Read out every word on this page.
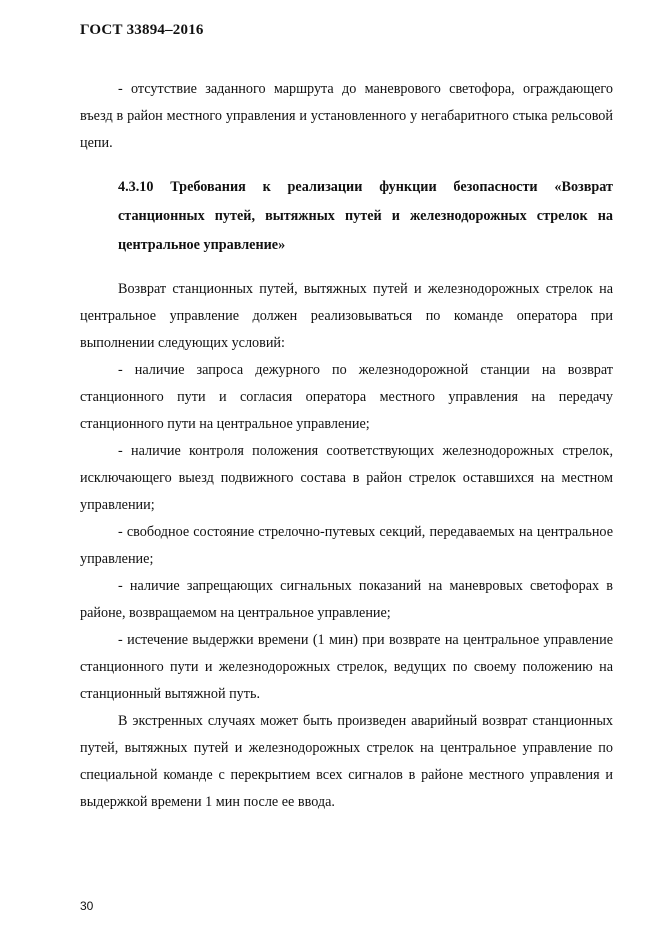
ГОСТ 33894–2016

- отсутствие заданного маршрута до маневрового светофора, ограждающего въезд в район местного управления и установленного у негабаритного стыка рельсовой цепи.

4.3.10 Требования к реализации функции безопасности «Возврат станционных путей, вытяжных путей и железнодорожных стрелок на центральное управление»

Возврат станционных путей, вытяжных путей и железнодорожных стрелок на центральное управление должен реализовываться по команде оператора при выполнении следующих условий:

- наличие запроса дежурного по железнодорожной станции на возврат станционного пути и согласия оператора местного управления на передачу станционного пути на центральное управление;

- наличие контроля положения соответствующих железнодорожных стрелок, исключающего выезд подвижного состава в район стрелок оставшихся на местном управлении;

- свободное состояние стрелочно-путевых секций, передаваемых на центральное управление;

- наличие запрещающих сигнальных показаний на маневровых светофорах в районе, возвращаемом на центральное управление;

- истечение выдержки времени (1 мин) при возврате на центральное управление станционного пути и железнодорожных стрелок, ведущих по своему положению на станционный вытяжной путь.

В экстренных случаях может быть произведен аварийный возврат станционных путей, вытяжных путей и железнодорожных стрелок на центральное управление по специальной команде с перекрытием всех сигналов в районе местного управления и выдержкой времени 1 мин после ее ввода.

30
